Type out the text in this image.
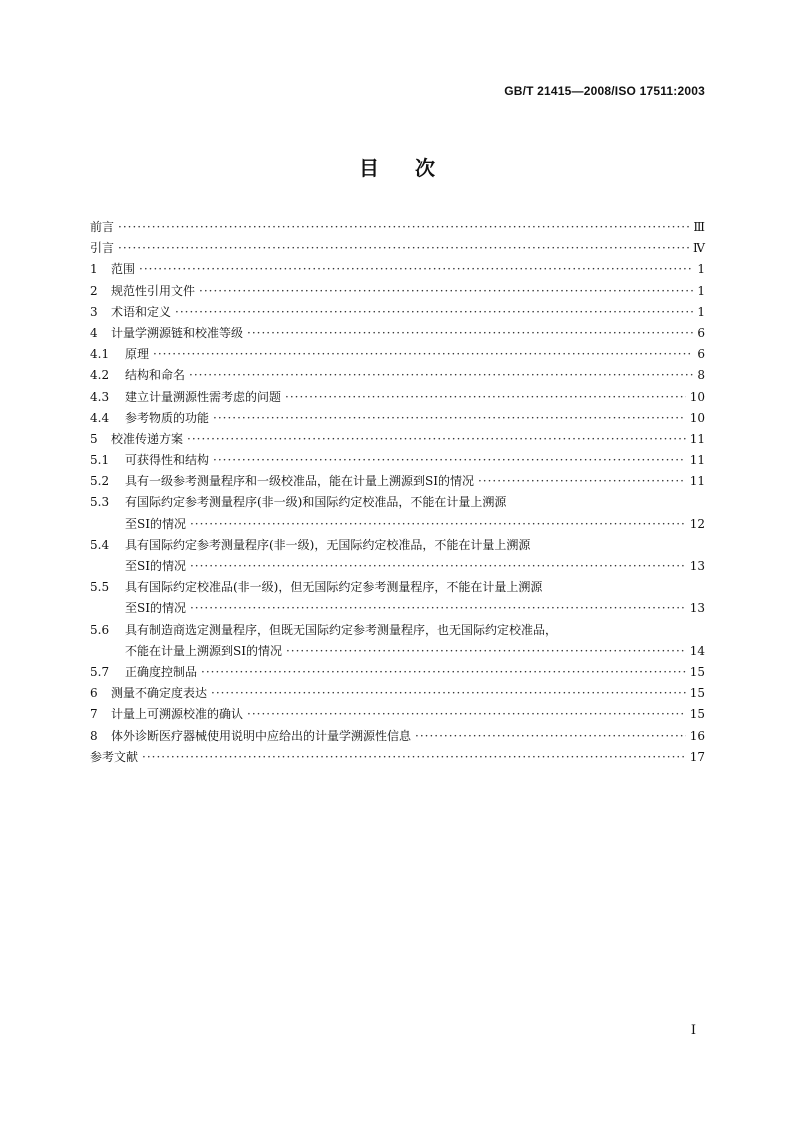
GB/T 21415—2008/ISO 17511:2003
目次
前言 ·····	Ⅲ
引言 ·····	Ⅳ
1	范围 ·····	1
2	规范性引用文件 ·····	1
3	术语和定义 ·····	1
4	计量学溯源链和校准等级 ·····	6
4.1	原理 ·····	6
4.2	结构和命名 ·····	8
4.3	建立计量溯源性需考虑的问题 ·····	10
4.4	参考物质的功能 ·····	10
5	校准传递方案 ·····	11
5.1	可获得性和结构 ·····	11
5.2	具有一级参考测量程序和一级校准品，能在计量上溯源到SI的情况 ·····	11
5.3	有国际约定参考测量程序(非一级)和国际约定校准品，不能在计量上溯源
至SI的情况 ·····	12
5.4	具有国际约定参考测量程序(非一级)，无国际约定校准品，不能在计量上溯源
至SI的情况 ·····	13
5.5	具有国际约定校准品(非一级)，但无国际约定参考测量程序，不能在计量上溯源
至SI的情况 ·····	13
5.6	具有制造商选定测量程序，但既无国际约定参考测量程序，也无国际约定校准品，
不能在计量上溯源到SI的情况 ·····	14
5.7	正确度控制品 ·····	15
6	测量不确定度表达 ·····	15
7	计量上可溯源校准的确认 ·····	15
8	体外诊断医疗器械使用说明中应给出的计量学溯源性信息 ·····	16
参考文献 ·····	17
Ⅰ
